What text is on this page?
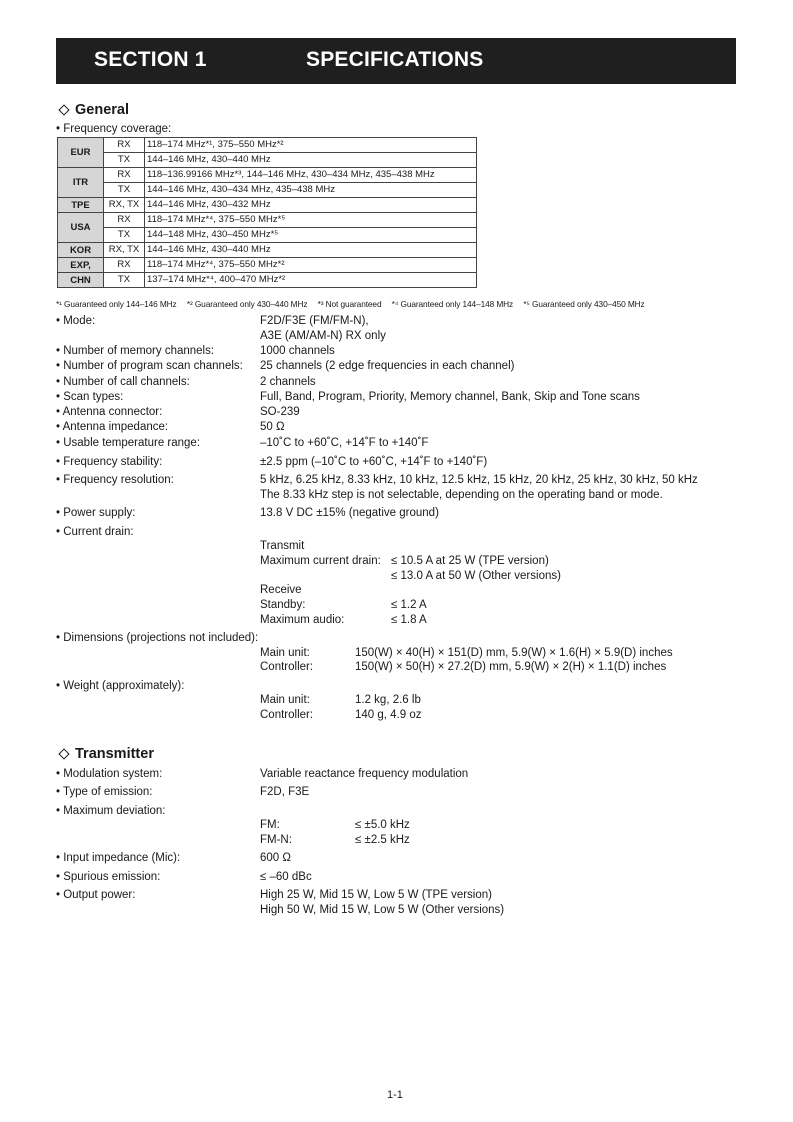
SECTION 1	SPECIFICATIONS
General
• Frequency coverage:
EUR	RX	118–174 MHz*¹, 375–550 MHz*²
	TX	144–146 MHz, 430–440 MHz
ITR	RX	118–136.99166 MHz*³, 144–146 MHz, 430–434 MHz, 435–438 MHz
	TX	144–146 MHz, 430–434 MHz, 435–438 MHz
TPE	RX, TX	144–146 MHz, 430–432 MHz
USA	RX	118–174 MHz*⁴, 375–550 MHz*⁵
	TX	144–148 MHz, 430–450 MHz*⁵
KOR	RX, TX	144–146 MHz, 430–440 MHz
EXP,	RX	118–174 MHz*⁴, 375–550 MHz*²
CHN	TX	137–174 MHz*⁴, 400–470 MHz*²
*¹ Guaranteed only 144–146 MHz *² Guaranteed only 430–440 MHz *³ Not guaranteed *⁴ Guaranteed only 144–148 MHz *⁵ Guaranteed only 430–450 MHz
• Mode:	F2D/F3E (FM/FM-N),
A3E (AM/AM-N) RX only
• Number of memory channels:	1000 channels
• Number of program scan channels: 25 channels (2 edge frequencies in each channel)
• Number of call channels:	2 channels
• Scan types:	Full, Band, Program, Priority, Memory channel, Bank, Skip and Tone scans
• Antenna connector:	SO-239
• Antenna impedance:	50 Ω
• Usable temperature range:	–10˚C to +60˚C, +14˚F to +140˚F
• Frequency stability:	±2.5 ppm (–10˚C to +60˚C, +14˚F to +140˚F)
• Frequency resolution:	5 kHz, 6.25 kHz, 8.33 kHz, 10 kHz, 12.5 kHz, 15 kHz, 20 kHz, 25 kHz, 30 kHz, 50 kHz
The 8.33 kHz step is not selectable, depending on the operating band or mode.
• Power supply:	13.8 V DC ±15% (negative ground)
• Current drain:
Transmit
Maximum current drain: ≤ 10.5 A at 25 W (TPE version)
≤ 13.0 A at 50 W (Other versions)
Receive
Standby:	≤ 1.2 A
Maximum audio:	≤ 1.8 A
• Dimensions (projections not included):
Main unit:	150(W) × 40(H) × 151(D) mm, 5.9(W) × 1.6(H) × 5.9(D) inches
Controller:	150(W) × 50(H) × 27.2(D) mm, 5.9(W) × 2(H) × 1.1(D) inches
• Weight (approximately):
Main unit:	1.2 kg, 2.6 lb
Controller:	140 g, 4.9 oz
Transmitter
• Modulation system:	Variable reactance frequency modulation
• Type of emission:	F2D, F3E
• Maximum deviation:
FM:	≤ ±5.0 kHz
FM-N:	≤ ±2.5 kHz
• Input impedance (Mic):	600 Ω
• Spurious emission:	≤ –60 dBc
• Output power:	High 25 W, Mid 15 W, Low 5 W (TPE version)
High 50 W, Mid 15 W, Low 5 W (Other versions)
1-1
